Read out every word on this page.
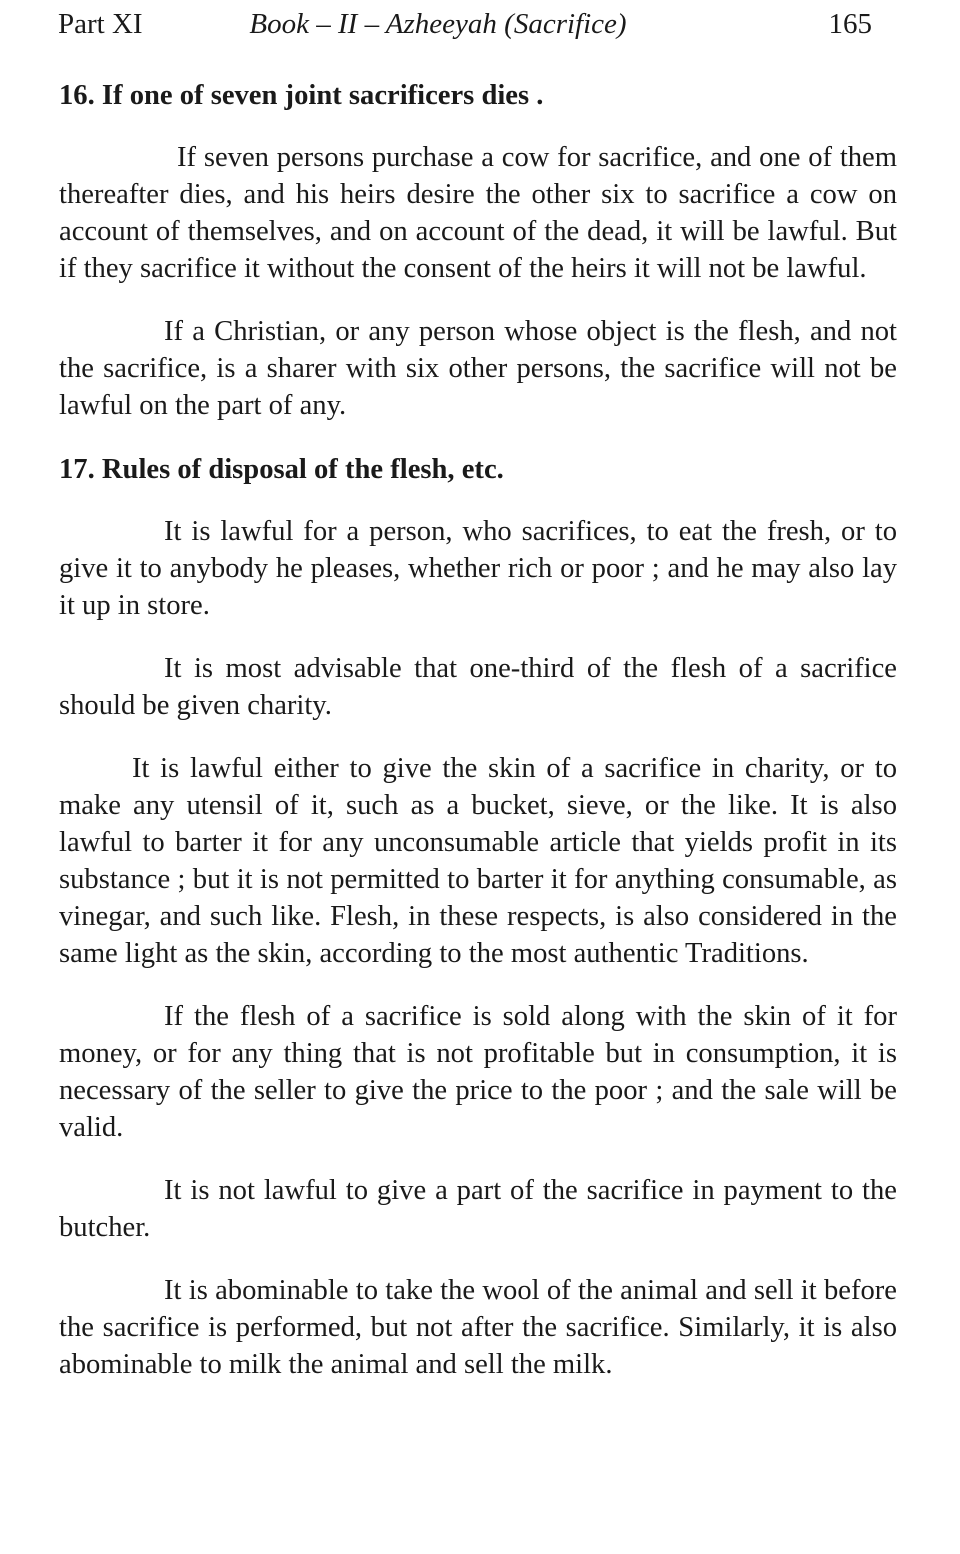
Part XI	Book – II – Azheeyah (Sacrifice)	165
16. If one of seven joint sacrificers dies .

If seven persons purchase a cow for sacrifice, and one of them thereafter dies, and his heirs desire the other six to sacrifice a cow on account of themselves, and on account of the dead, it will be lawful. But if they sacrifice it without the consent of the heirs it will not be lawful.

If a Christian, or any person whose object is the flesh, and not the sacrifice, is a sharer with six other persons, the sacrifice will not be lawful on the part of any.

17. Rules of disposal of the flesh, etc.

It is lawful for a person, who sacrifices, to eat the fresh, or to give it to anybody he pleases, whether rich or poor ; and he may also lay it up in store.

It is most advisable that one-third of the flesh of a sacrifice should be given charity.

It is lawful either to give the skin of a sacrifice in charity, or to make any utensil of it, such as a bucket, sieve, or the like. It is also lawful to barter it for any unconsumable article that yields profit in its substance ; but it is not permitted to barter it for anything consumable, as vinegar, and such like. Flesh, in these respects, is also considered in the same light as the skin, according to the most authentic Traditions.

If the flesh of a sacrifice is sold along with the skin of it for money, or for any thing that is not profitable but in consumption, it is necessary of the seller to give the price to the poor ; and the sale will be valid.

It is not lawful to give a part of the sacrifice in payment to the butcher.

It is abominable to take the wool of the animal and sell it before the sacrifice is performed, but not after the sacrifice. Similarly, it is also abominable to milk the animal and sell the milk.
